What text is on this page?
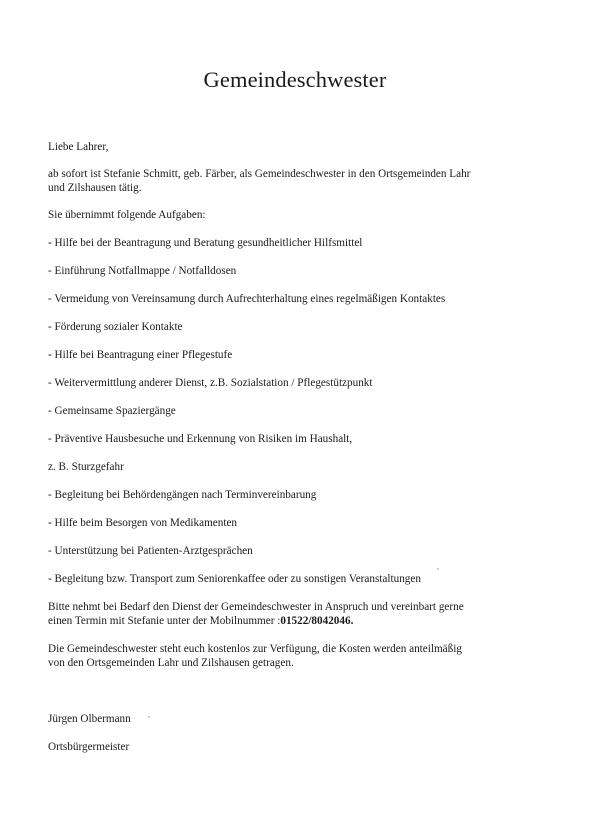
Gemeindeschwester
Liebe Lahrer,
ab sofort ist Stefanie Schmitt, geb. Färber, als Gemeindeschwester in den Ortsgemeinden Lahr
und Zilshausen tätig.
Sie übernimmt folgende Aufgaben:
- Hilfe bei der Beantragung und Beratung gesundheitlicher Hilfsmittel
- Einführung Notfallmappe / Notfalldosen
- Vermeidung von Vereinsamung durch Aufrechterhaltung eines regelmäßigen Kontaktes
- Förderung sozialer Kontakte
- Hilfe bei Beantragung einer Pflegestufe
- Weitervermittlung anderer Dienst, z.B. Sozialstation / Pflegestützpunkt
- Gemeinsame Spaziergänge
- Präventive Hausbesuche und Erkennung von Risiken im Haushalt,
z. B. Sturzgefahr
- Begleitung bei Behördengängen nach Terminvereinbarung
- Hilfe beim Besorgen von Medikamenten
- Unterstützung bei Patienten-Arztgesprächen
- Begleitung bzw. Transport zum Seniorenkaffee oder zu sonstigen Veranstaltungen
Bitte nehmt bei Bedarf den Dienst der Gemeindeschwester in Anspruch und vereinbart gerne
einen Termin mit Stefanie unter der Mobilnummer :01522/8042046.
Die Gemeindeschwester steht euch kostenlos zur Verfügung, die Kosten werden anteilmäßig
von den Ortsgemeinden Lahr und Zilshausen getragen.
Jürgen Olbermann
Ortsbürgermeister
